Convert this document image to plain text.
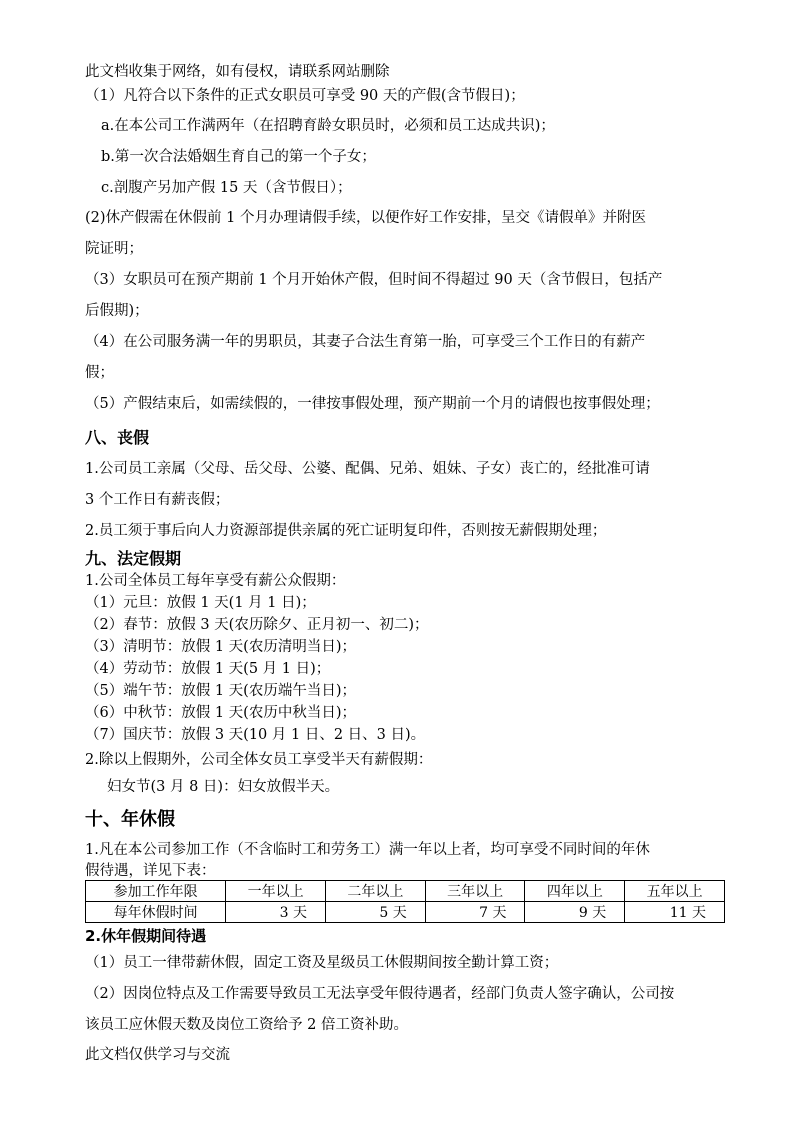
此文档收集于网络，如有侵权，请联系网站删除
（1）凡符合以下条件的正式女职员可享受 90 天的产假(含节假日)；
a.在本公司工作满两年（在招聘育龄女职员时，必须和员工达成共识)；
b.第一次合法婚姻生育自己的第一个子女；
c.剖腹产另加产假 15 天（含节假日）；
(2)休产假需在休假前 1 个月办理请假手续，以便作好工作安排，呈交《请假单》并附医
院证明；
（3）女职员可在预产期前 1 个月开始休产假，但时间不得超过 90 天（含节假日，包括产
后假期)；
（4）在公司服务满一年的男职员，其妻子合法生育第一胎，可享受三个工作日的有薪产
假；
（5）产假结束后，如需续假的，一律按事假处理，预产期前一个月的请假也按事假处理；
八、丧假
1.公司员工亲属（父母、岳父母、公婆、配偶、兄弟、姐妹、子女）丧亡的，经批准可请
3 个工作日有薪丧假；
2.员工须于事后向人力资源部提供亲属的死亡证明复印件，否则按无薪假期处理；
九、法定假期
1.公司全体员工每年享受有薪公众假期：
（1）元旦：放假 1 天(1 月 1 日)；
（2）春节：放假 3 天(农历除夕、正月初一、初二)；
（3）清明节：放假 1 天(农历清明当日)；
（4）劳动节：放假 1 天(5 月 1 日)；
（5）端午节：放假 1 天(农历端午当日)；
（6）中秋节：放假 1 天(农历中秋当日)；
（7）国庆节：放假 3 天(10 月 1 日、2 日、3 日)。
2.除以上假期外，公司全体女员工享受半天有薪假期：
妇女节(3 月 8 日)：妇女放假半天。
十、年休假
1.凡在本公司参加工作（不含临时工和劳务工）满一年以上者，均可享受不同时间的年休
假待遇，详见下表：
参加工作年限	一年以上	二年以上	三年以上	四年以上	五年以上
每年休假时间	3 天	5 天	7 天	9 天	11 天
2.休年假期间待遇
（1）员工一律带薪休假，固定工资及星级员工休假期间按全勤计算工资；
（2）因岗位特点及工作需要导致员工无法享受年假待遇者，经部门负责人签字确认，公司按
该员工应休假天数及岗位工资给予 2 倍工资补助。
此文档仅供学习与交流
